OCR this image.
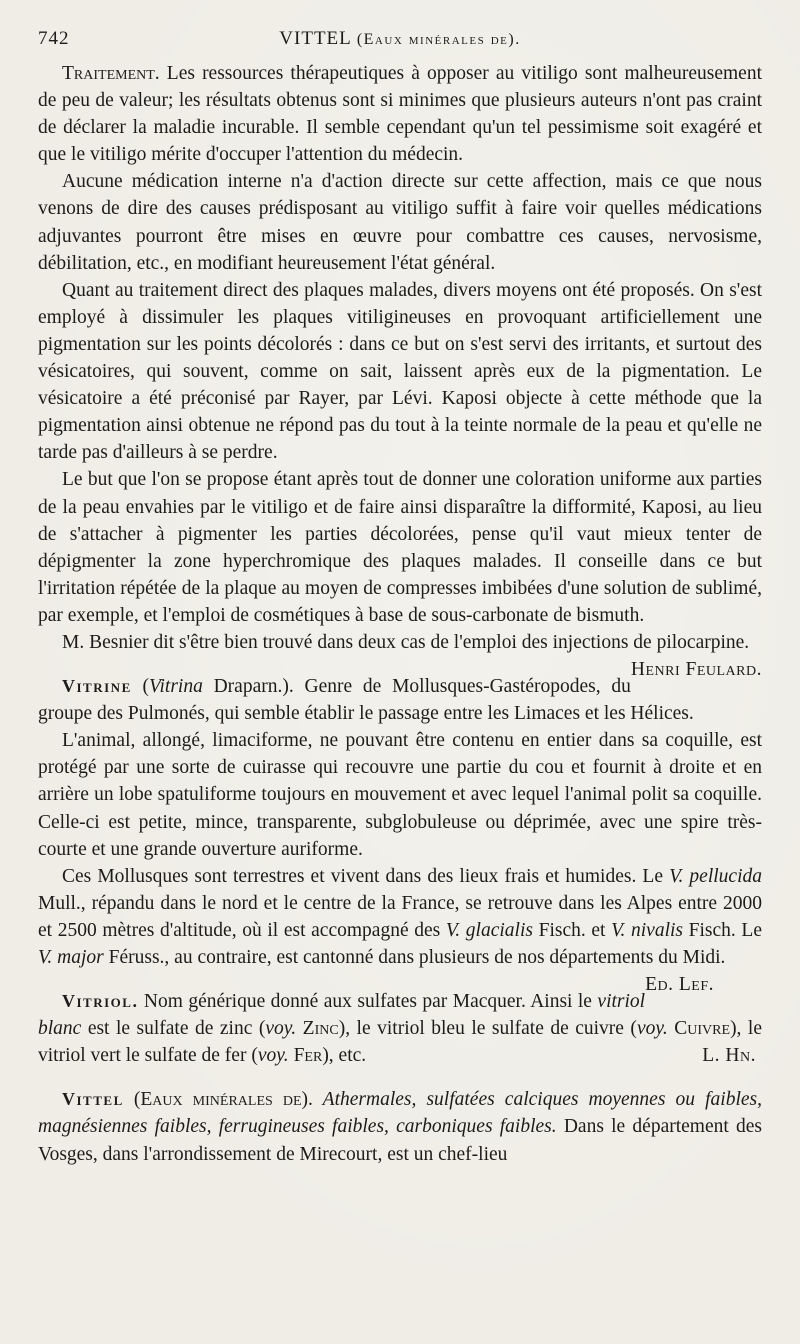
742	VITTEL (Eaux minérales de).

Traitement. Les ressources thérapeutiques à opposer au vitiligo sont malheureusement de peu de valeur; les résultats obtenus sont si minimes que plusieurs auteurs n'ont pas craint de déclarer la maladie incurable. Il semble cependant qu'un tel pessimisme soit exagéré et que le vitiligo mérite d'occuper l'attention du médecin.

Aucune médication interne n'a d'action directe sur cette affection, mais ce que nous venons de dire des causes prédisposant au vitiligo suffit à faire voir quelles médications adjuvantes pourront être mises en œuvre pour combattre ces causes, nervosisme, débilitation, etc., en modifiant heureusement l'état général.

Quant au traitement direct des plaques malades, divers moyens ont été proposés. On s'est employé à dissimuler les plaques vitiligineuses en provoquant artificiellement une pigmentation sur les points décolorés : dans ce but on s'est servi des irritants, et surtout des vésicatoires, qui souvent, comme on sait, laissent après eux de la pigmentation. Le vésicatoire a été préconisé par Rayer, par Lévi. Kaposi objecte à cette méthode que la pigmentation ainsi obtenue ne répond pas du tout à la teinte normale de la peau et qu'elle ne tarde pas d'ailleurs à se perdre.

Le but que l'on se propose étant après tout de donner une coloration uniforme aux parties de la peau envahies par le vitiligo et de faire ainsi disparaître la difformité, Kaposi, au lieu de s'attacher à pigmenter les parties décolorées, pense qu'il vaut mieux tenter de dépigmenter la zone hyperchromique des plaques malades. Il conseille dans ce but l'irritation répétée de la plaque au moyen de compresses imbibées d'une solution de sublimé, par exemple, et l'emploi de cosmétiques à base de sous-carbonate de bismuth.

M. Besnier dit s'être bien trouvé dans deux cas de l'emploi des injections de pilocarpine.
Henri Feulard.

Vitrine (Vitrina Draparn.). Genre de Mollusques-Gastéropodes, du groupe des Pulmonés, qui semble établir le passage entre les Limaces et les Hélices.

L'animal, allongé, limaciforme, ne pouvant être contenu en entier dans sa coquille, est protégé par une sorte de cuirasse qui recouvre une partie du cou et fournit à droite et en arrière un lobe spatuliforme toujours en mouvement et avec lequel l'animal polit sa coquille. Celle-ci est petite, mince, transparente, subglobuleuse ou déprimée, avec une spire très-courte et une grande ouverture auriforme.

Ces Mollusques sont terrestres et vivent dans des lieux frais et humides. Le V. pellucida Mull., répandu dans le nord et le centre de la France, se retrouve dans les Alpes entre 2000 et 2500 mètres d'altitude, où il est accompagné des V. glacialis Fisch. et V. nivalis Fisch. Le V. major Féruss., au contraire, est cantonné dans plusieurs de nos départements du Midi.
Ed. Lef.

Vitriol. Nom générique donné aux sulfates par Macquer. Ainsi le vitriol blanc est le sulfate de zinc (voy. Zinc), le vitriol bleu le sulfate de cuivre (voy. Cuivre), le vitriol vert le sulfate de fer (voy. Fer), etc.	L. Hn.

Vittel (Eaux minérales de). Athermales, sulfatées calciques moyennes ou faibles, magnésiennes faibles, ferrugineuses faibles, carboniques faibles. Dans le département des Vosges, dans l'arrondissement de Mirecourt, est un chef-lieu
